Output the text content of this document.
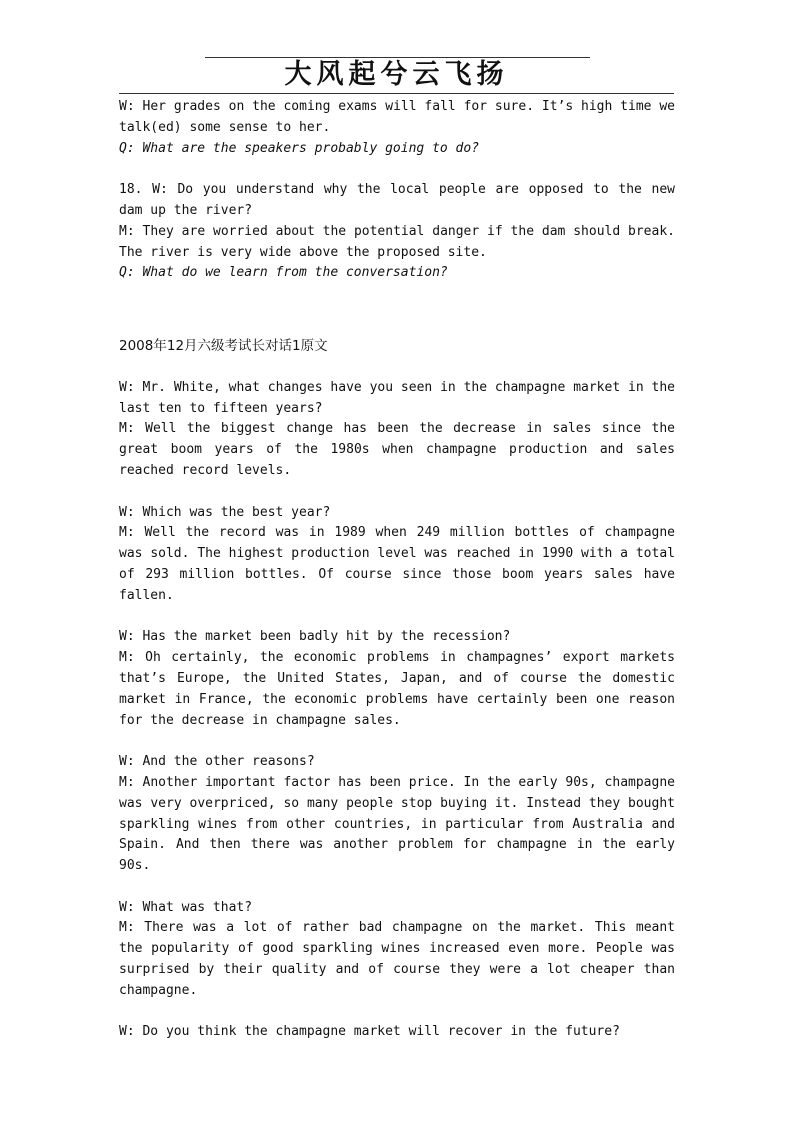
大风起兮云飞扬

W: Her grades on the coming exams will fall for sure. It’s high time we talk(ed) some sense to her.

Q: What are the speakers probably going to do?

18. W: Do you understand why the local people are opposed to the new dam up the river?

M: They are worried about the potential danger if the dam should break. The river is very wide above the proposed site.

Q: What do we learn from the conversation?

2008年12月六级考试长对话1原文

W: Mr. White, what changes have you seen in the champagne market in the last ten to fifteen years?

M: Well the biggest change has been the decrease in sales since the great boom years of the 1980s when champagne production and sales reached record levels.

W: Which was the best year?

M: Well the record was in 1989 when 249 million bottles of champagne was sold. The highest production level was reached in 1990 with a total of 293 million bottles. Of course since those boom years sales have fallen.

W: Has the market been badly hit by the recession?

M: Oh certainly, the economic problems in champagnes’ export markets that’s Europe, the United States, Japan, and of course the domestic market in France, the economic problems have certainly been one reason for the decrease in champagne sales.

W: And the other reasons?

M: Another important factor has been price. In the early 90s, champagne was very overpriced, so many people stop buying it. Instead they bought sparkling wines from other countries, in particular from Australia and Spain. And then there was another problem for champagne in the early 90s.

W: What was that?

M: There was a lot of rather bad champagne on the market. This meant the popularity of good sparkling wines increased even more. People was surprised by their quality and of course they were a lot cheaper than champagne.

W: Do you think the champagne market will recover in the future?
